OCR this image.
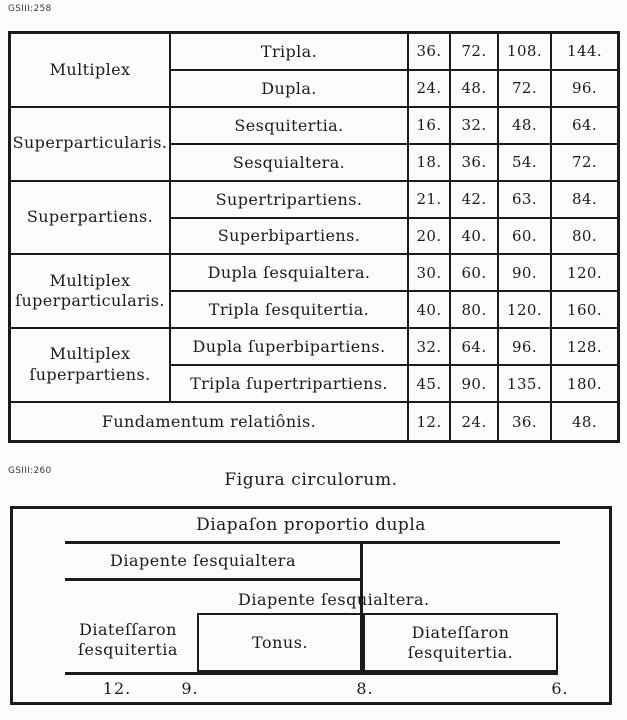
GSIII:258
Multiplex
Tripla.	36.	72.	108.	144.
Dupla.	24.	48.	72.	96.
Superparticularis.
Sesquitertia.	16.	32.	48.	64.
Sesquialtera.	18.	36.	54.	72.
Superpartiens.
Supertripartiens.	21.	42.	63.	84.
Superbipartiens.	20.	40.	60.	80.
Multiplex ſuperparticularis.
Dupla ſesquialtera.	30.	60.	90.	120.
Tripla ſesquitertia.	40.	80.	120.	160.
Multiplex ſuperpartiens.
Dupla ſuperbipartiens.	32.	64.	96.	128.
Tripla ſupertripartiens.	45.	90.	135.	180.
Fundamentum relatiônis.	12.	24.	36.	48.
GSIII:260	Figura circulorum.
Diapaſon proportio dupla
Diapente ſesquialtera
Diapente ſesquialtera.
Diateſſaron
ſesquitertia	Tonus.
Diateſſaron
ſesquitertia.
12.	9.	8.	6.
